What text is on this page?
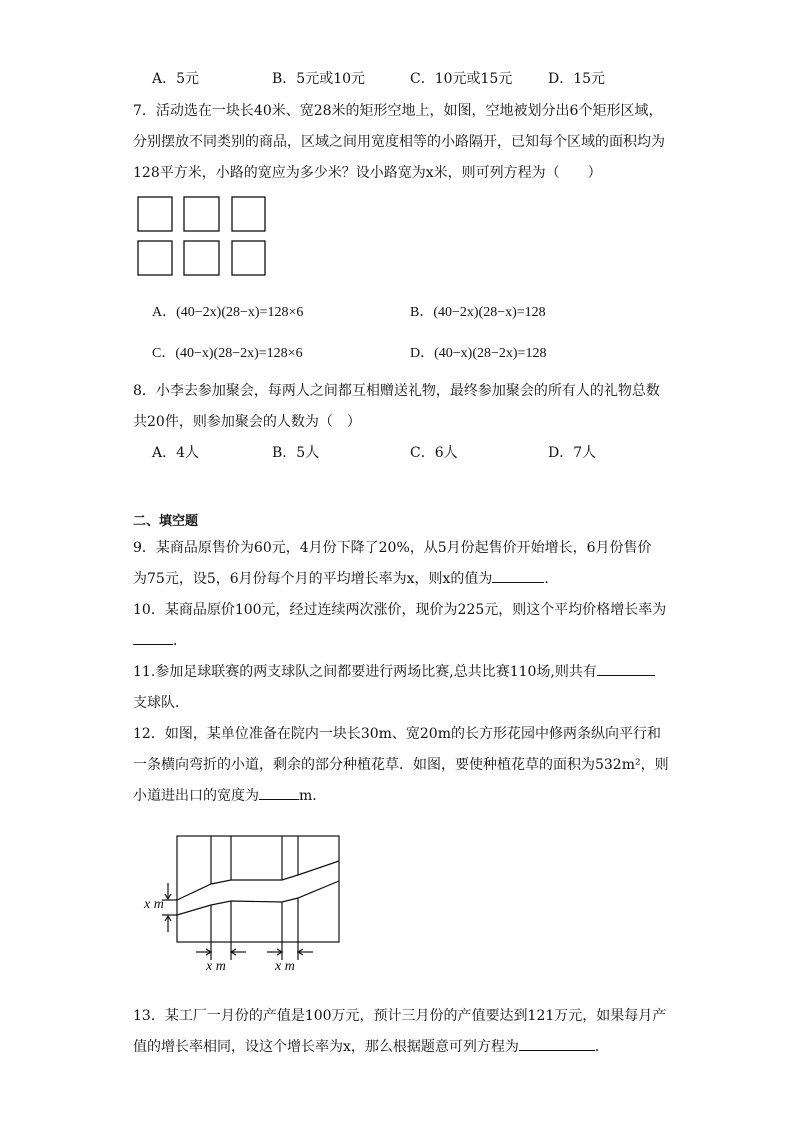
A．5元	B．5元或10元	C．10元或15元	D．15元
7．活动选在一块长40米、宽28米的矩形空地上，如图，空地被划分出6个矩形区域，
分别摆放不同类别的商品，区域之间用宽度相等的小路隔开，已知每个区域的面积均为
128平方米，小路的宽应为多少米？设小路宽为x米，则可列方程为（　　）
A．(40−2x)(28−x)=128×6	B．(40−2x)(28−x)=128
C．(40−x)(28−2x)=128×6	D．(40−x)(28−2x)=128
8．小李去参加聚会，每两人之间都互相赠送礼物，最终参加聚会的所有人的礼物总数
共20件，则参加聚会的人数为（　）
A．4人	B．5人	C．6人	D．7人
二、填空题
9．某商品原售价为60元，4月份下降了20%，从5月份起售价开始增长，6月份售价
为75元，设5，6月份每个月的平均增长率为x，则x的值为	．
10．某商品原价100元，经过连续两次涨价，现价为225元，则这个平均价格增长率为
．
11.参加足球联赛的两支球队之间都要进行两场比赛,总共比赛110场,则共有
支球队．
12．如图，某单位准备在院内一块长30m、宽20m的长方形花园中修两条纵向平行和
一条横向弯折的小道，剩余的部分种植花草．如图，要使种植花草的面积为532m²，则
小道进出口的宽度为	m．
x m
x m	x m
13．某工厂一月份的产值是100万元，预计三月份的产值要达到121万元，如果每月产
值的增长率相同，设这个增长率为x，那么根据题意可列方程为	．
